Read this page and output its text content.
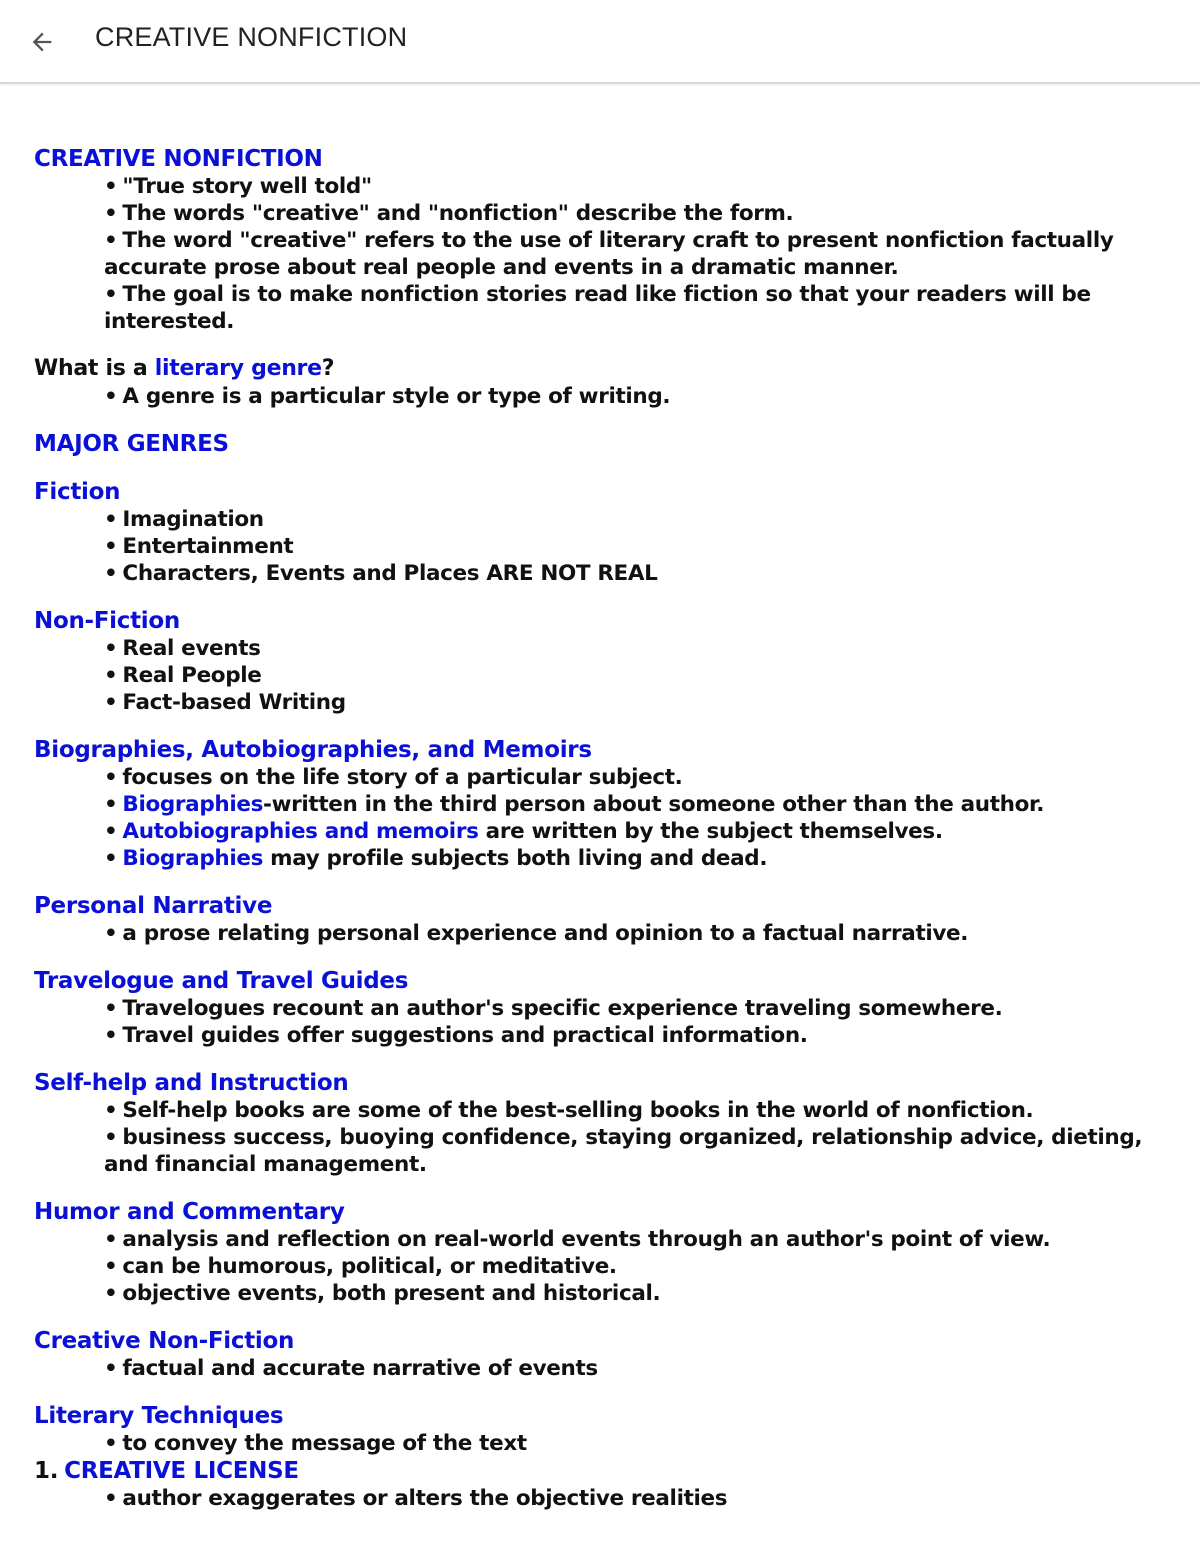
CREATIVE NONFICTION
CREATIVE NONFICTION
• "True story well told"
• The words "creative" and "nonfiction" describe the form.
• The word "creative" refers to the use of literary craft to present nonfiction factually accurate prose about real people and events in a dramatic manner.
• The goal is to make nonfiction stories read like fiction so that your readers will be interested.
What is a literary genre?
• A genre is a particular style or type of writing.
MAJOR GENRES
Fiction
• Imagination
• Entertainment
• Characters, Events and Places ARE NOT REAL
Non-Fiction
• Real events
• Real People
• Fact-based Writing
Biographies, Autobiographies, and Memoirs
• focuses on the life story of a particular subject.
• Biographies-written in the third person about someone other than the author.
• Autobiographies and memoirs are written by the subject themselves.
• Biographies may profile subjects both living and dead.
Personal Narrative
• a prose relating personal experience and opinion to a factual narrative.
Travelogue and Travel Guides
• Travelogues recount an author's specific experience traveling somewhere.
• Travel guides offer suggestions and practical information.
Self-help and Instruction
• Self-help books are some of the best-selling books in the world of nonfiction.
• business success, buoying confidence, staying organized, relationship advice, dieting, and financial management.
Humor and Commentary
• analysis and reflection on real-world events through an author's point of view.
• can be humorous, political, or meditative.
• objective events, both present and historical.
Creative Non-Fiction
• factual and accurate narrative of events
Literary Techniques
• to convey the message of the text
1. CREATIVE LICENSE
• author exaggerates or alters the objective realities
